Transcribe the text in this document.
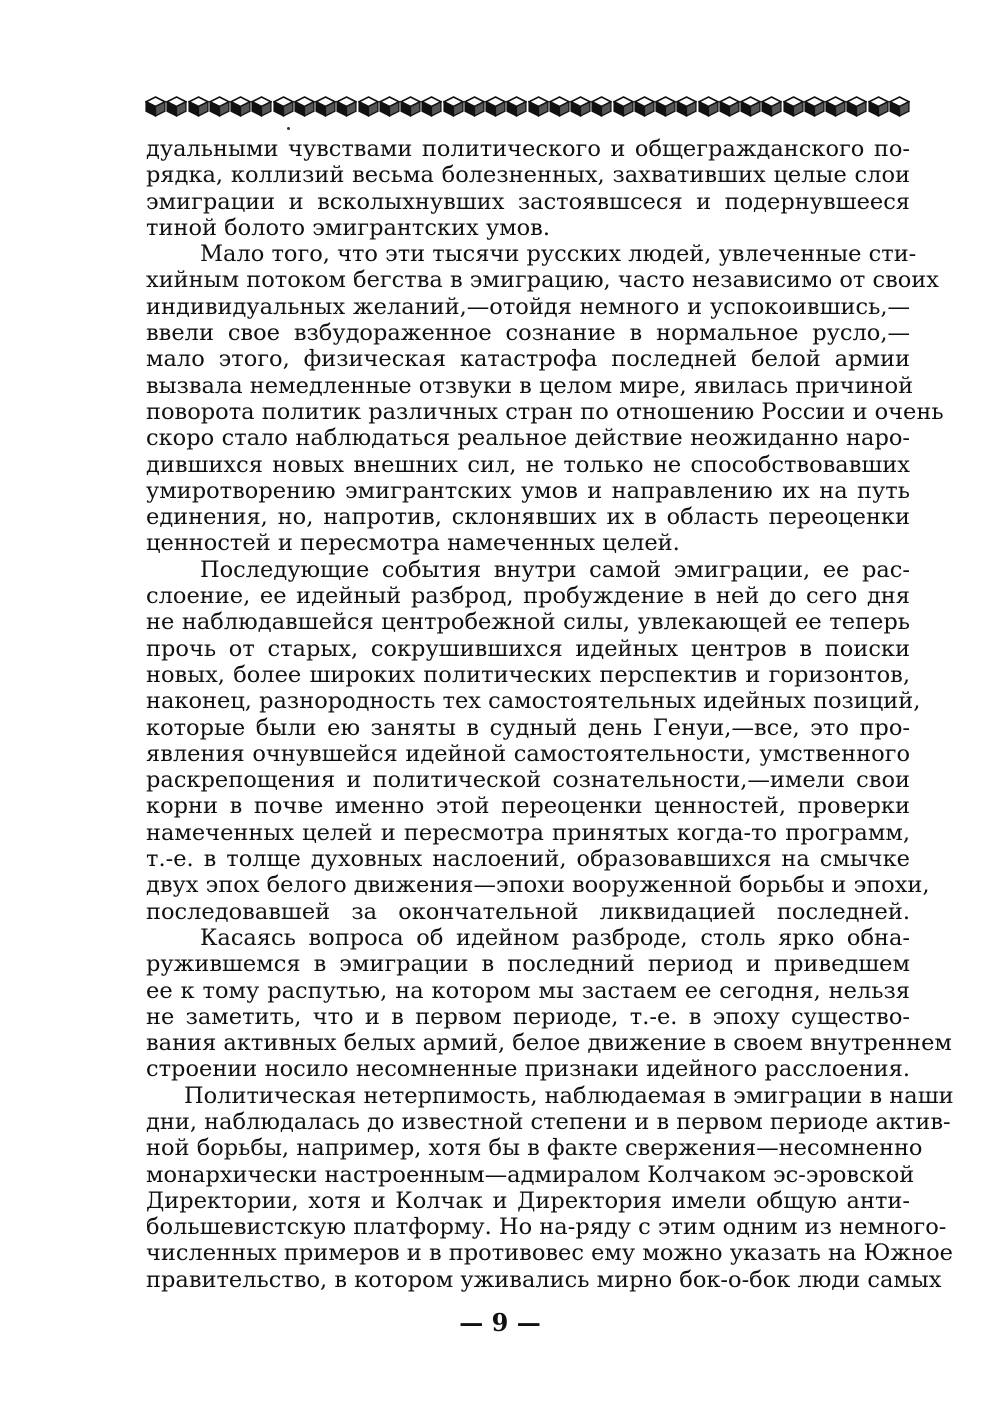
дуальными чувствами политического и общегражданского по-
рядка, коллизий весьма болезненных, захвативших целые слои
эмиграции и всколыхнувших застоявшсеся и подернувшееся
тиной болото эмигрантских умов.
Мало того, что эти тысячи русских людей, увлеченные сти-
хийным потоком бегства в эмиграцию, часто независимо от своих
индивидуальных желаний,—отойдя немного и успокоившись,—
ввели свое взбудораженное сознание в нормальное русло,—
мало этого, физическая катастрофа последней белой армии
вызвала немедленные отзвуки в целом мире, явилась причиной
поворота политик различных стран по отношению России и очень
скоро стало наблюдаться реальное действие неожиданно наро-
дившихся новых внешних сил, не только не способствовавших
умиротворению эмигрантских умов и направлению их на путь
единения, но, напротив, склонявших их в область переоценки
ценностей и пересмотра намеченных целей.
Последующие события внутри самой эмиграции, ее рас-
слоение, ее идейный разброд, пробуждение в ней до сего дня
не наблюдавшейся центробежной силы, увлекающей ее теперь
прочь от старых, сокрушившихся идейных центров в поиски
новых, более широких политических перспектив и горизонтов,
наконец, разнородность тех самостоятельных идейных позиций,
которые были ею заняты в судный день Генуи,—все, это про-
явления очнувшейся идейной самостоятельности, умственного
раскрепощения и политической сознательности,—имели свои
корни в почве именно этой переоценки ценностей, проверки
намеченных целей и пересмотра принятых когда-то программ,
т.-е. в толще духовных наслоений, образовавшихся на смычке
двух эпох белого движения—эпохи вооруженной борьбы и эпохи,
последовавшей за окончательной ликвидацией последней.
Касаясь вопроса об идейном разброде, столь ярко обна-
ружившемся в эмиграции в последний период и приведшем
ее к тому распутью, на котором мы застаем ее сегодня, нельзя
не заметить, что и в первом периоде, т.-е. в эпоху существо-
вания активных белых армий, белое движение в своем внутреннем
строении носило несомненные признаки идейного расслоения.
Политическая нетерпимость, наблюдаемая в эмиграции в наши
дни, наблюдалась до известной степени и в первом периоде актив-
ной борьбы, например, хотя бы в факте свержения—несомненно
монархически настроенным—адмиралом Колчаком эс-эровской
Директории, хотя и Колчак и Директория имели общую анти-
большевистскую платформу. Но на-ряду с этим одним из немного-
численных примеров и в противовес ему можно указать на Южное
правительство, в котором уживались мирно бок-о-бок люди самых
— 9 —
